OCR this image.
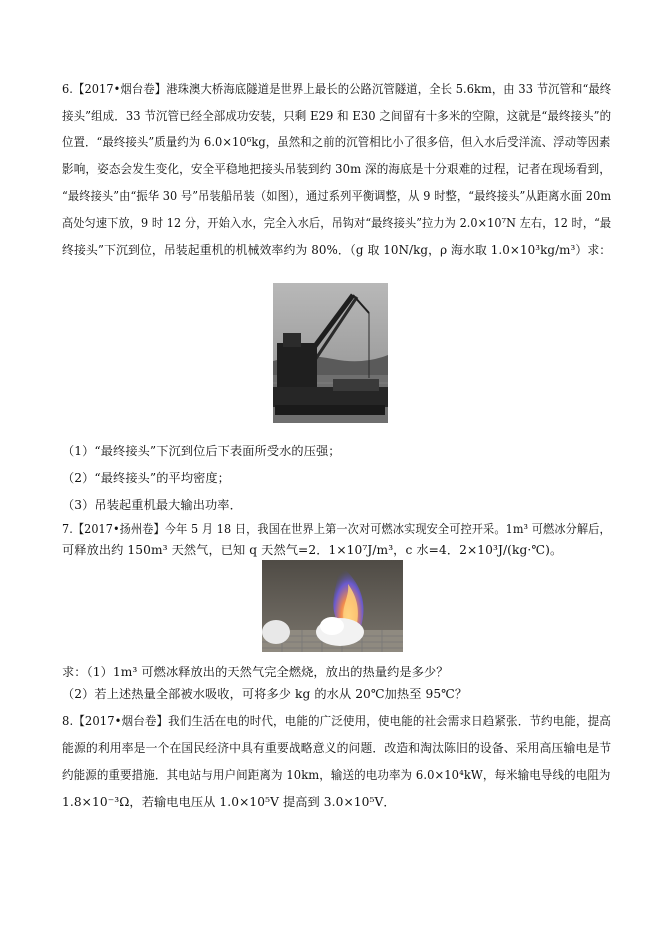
6.【2017•烟台卷】港珠澳大桥海底隧道是世界上最长的公路沉管隧道，全长 5.6km，由 33 节沉管和“最终
接头”组成．33 节沉管已经全部成功安装，只剩 E29 和 E30 之间留有十多米的空隙，这就是“最终接头”的
位置．“最终接头”质量约为 6.0×10⁶kg，虽然和之前的沉管相比小了很多倍，但入水后受洋流、浮动等因素
影响，姿态会发生变化，安全平稳地把接头吊装到约 30m 深的海底是十分艰难的过程，记者在现场看到，
“最终接头”由“振华 30 号”吊装船吊装（如图），通过系列平衡调整，从 9 时整，“最终接头”从距离水面 20m
高处匀速下放，9 时 12 分，开始入水，完全入水后，吊钩对“最终接头”拉力为 2.0×10⁷N 左右，12 时，“最
终接头”下沉到位，吊装起重机的机械效率约为 80%．（g 取 10N/kg，ρ 海水取 1.0×10³kg/m³）求：
（1）“最终接头”下沉到位后下表面所受水的压强；
（2）“最终接头”的平均密度；
（3）吊装起重机最大输出功率．
7.【2017•扬州卷】今年 5 月 18 日，我国在世界上第一次对可燃冰实现安全可控开采。1m³ 可燃冰分解后，
可释放出约 150m³ 天然气，已知 q 天然气=2．1×10⁷J/m³，c 水=4．2×10³J/(kg·℃)。
求：（1）1m³ 可燃冰释放出的天然气完全燃烧，放出的热量约是多少？
（2）若上述热量全部被水吸收，可将多少 kg 的水从 20℃加热至 95℃？
8.【2017•烟台卷】我们生活在电的时代，电能的广泛使用，使电能的社会需求日趋紧张．节约电能，提高
能源的利用率是一个在国民经济中具有重要战略意义的问题．改造和淘汰陈旧的设备、采用高压输电是节
约能源的重要措施．其电站与用户间距离为 10km，输送的电功率为 6.0×10⁴kW，每米输电导线的电阻为
1.8×10⁻³Ω，若输电电压从 1.0×10⁵V 提高到 3.0×10⁵V．
